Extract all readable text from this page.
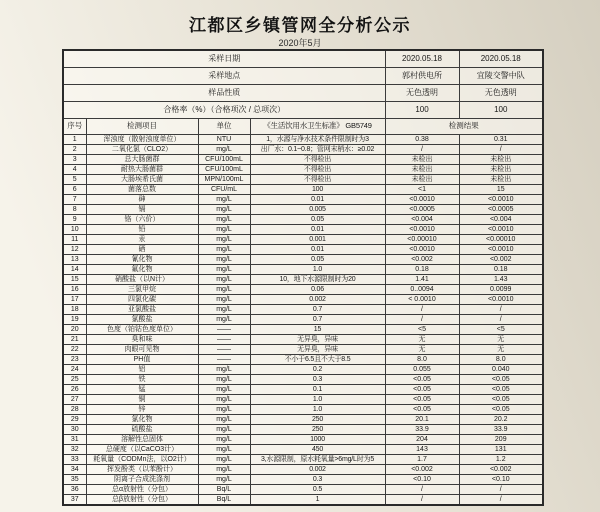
江都区乡镇管网全分析公示
2020年5月
采样日期				2020.05.18	2020.05.18
采样地点				郭村供电所	宜陵交警中队
样品性质				无色透明	无色透明
合格率（%）（合格项次 / 总项次）				100	100
序号	检测项目	单位	《生活饮用水卫生标准》 GB5749	检测结果	
1	浑浊度（散射浊度单位）	NTU	1，水源与净水技术条件限制时为3	0.38	0.31
2	二氧化氯（CLO2）	mg/L	出厂水：0.1~0.8；管网末梢水：≥0.02	/	/
3	总大肠菌群	CFU/100mL	不得检出	未检出	未检出
4	耐热大肠菌群	CFU/100mL	不得检出	未检出	未检出
5	大肠埃希氏菌	MPN/100mL	不得检出	未检出	未检出
6	菌落总数	CFU/mL	100	<1	15
7	砷	mg/L	0.01	<0.0010	<0.0010
8	镉	mg/L	0.005	<0.0005	<0.0005
9	铬（六价）	mg/L	0.05	<0.004	<0.004
10	铅	mg/L	0.01	<0.0010	<0.0010
11	汞	mg/L	0.001	<0.00010	<0.00010
12	硒	mg/L	0.01	<0.0010	<0.0010
13	氰化物	mg/L	0.05	<0.002	<0.002
14	氟化物	mg/L	1.0	0.18	0.18
15	硝酸盐（以N计）	mg/L	10，地下水源限制时为20	1.41	1.43
16	三氯甲烷	mg/L	0.06	0..0094	0.0099
17	四氯化碳	mg/L	0.002	< 0.0010	<0.0010
18	亚氯酸盐	mg/L	0.7	/	/
19	氯酸盐	mg/L	0.7	/	/
20	色度（铂钴色度单位）	——	15	<5	<5
21	臭和味	——	无异臭，异味	无	无
22	肉眼可见物	——	无异臭，异味	无	无
23	PH值	——	不小于6.5且不大于8.5	8.0	8.0
24	铝	mg/L	0.2	0.055	0.040
25	铁	mg/L	0.3	<0.05	<0.05
26	锰	mg/L	0.1	<0.05	<0.05
27	铜	mg/L	1.0	<0.05	<0.05
28	锌	mg/L	1.0	<0.05	<0.05
29	氯化物	mg/L	250	20.1	20.2
30	硫酸盐	mg/L	250	33.9	33.9
31	溶解性总固体	mg/L	1000	204	209
32	总硬度（以CaCO3计）	mg/L	450	143	131
33	耗氧量（CODMn法，以O2计）	mg/L	3,水源限制，原水耗氧量>6mg/L时为5	1.7	1.2
34	挥发酚类（以苯酚计）	mg/L	0.002	<0.002	<0.002
35	阴离子合成洗涤剂	mg/L	0.3	<0.10	<0.10
36	总α放射性（分包）	Bq/L	0.5	/	/
37	总β放射性（分包）	Bq/L	1	/	/
